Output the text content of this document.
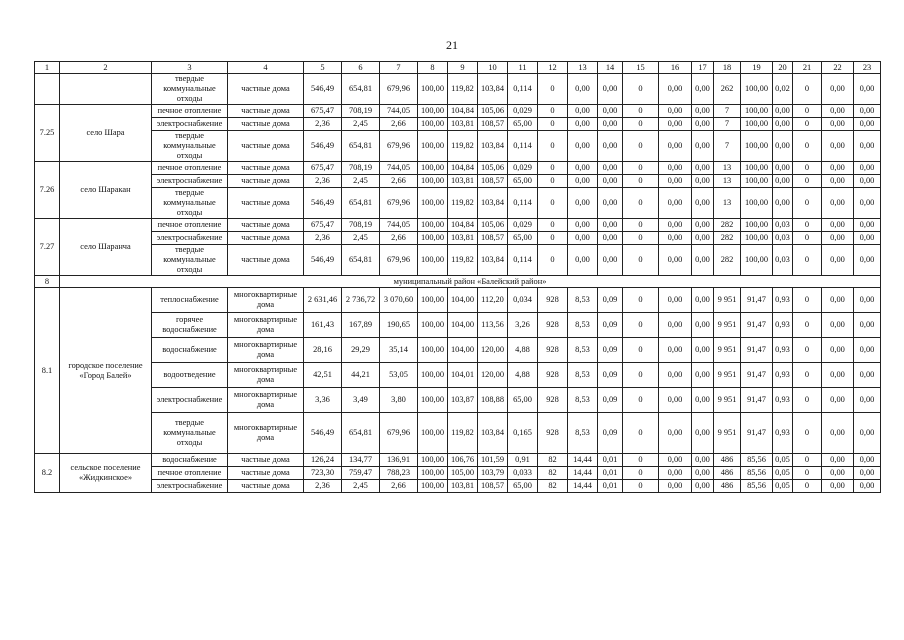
21
1	2	3	4	5	6	7	8	9	10	11	12	13	14	15	16	17	18	19	20	21	22	23
		твердые коммунальные отходы	частные дома	546,49	654,81	679,96	100,00	119,82	103,84	0,114	0	0,00	0,00	0	0,00	0,00	262	100,00	0,02	0	0,00	0,00
7.25	село Шара	печное отопление	частные дома	675,47	708,19	744,05	100,00	104,84	105,06	0,029	0	0,00	0,00	0	0,00	0,00	7	100,00	0,00	0	0,00	0,00
		электроснабжение	частные дома	2,36	2,45	2,66	100,00	103,81	108,57	65,00	0	0,00	0,00	0	0,00	0,00	7	100,00	0,00	0	0,00	0,00
		твердые коммунальные отходы	частные дома	546,49	654,81	679,96	100,00	119,82	103,84	0,114	0	0,00	0,00	0	0,00	0,00	7	100,00	0,00	0	0,00	0,00
7.26	село Шаракан	печное отопление	частные дома	675,47	708,19	744,05	100,00	104,84	105,06	0,029	0	0,00	0,00	0	0,00	0,00	13	100,00	0,00	0	0,00	0,00
		электроснабжение	частные дома	2,36	2,45	2,66	100,00	103,81	108,57	65,00	0	0,00	0,00	0	0,00	0,00	13	100,00	0,00	0	0,00	0,00
		твердые коммунальные отходы	частные дома	546,49	654,81	679,96	100,00	119,82	103,84	0,114	0	0,00	0,00	0	0,00	0,00	13	100,00	0,00	0	0,00	0,00
7.27	село Шаранча	печное отопление	частные дома	675,47	708,19	744,05	100,00	104,84	105,06	0,029	0	0,00	0,00	0	0,00	0,00	282	100,00	0,03	0	0,00	0,00
		электроснабжение	частные дома	2,36	2,45	2,66	100,00	103,81	108,57	65,00	0	0,00	0,00	0	0,00	0,00	282	100,00	0,03	0	0,00	0,00
		твердые коммунальные отходы	частные дома	546,49	654,81	679,96	100,00	119,82	103,84	0,114	0	0,00	0,00	0	0,00	0,00	282	100,00	0,03	0	0,00	0,00
8	муниципальный район «Балейский район»																					
8.1	городское поселение «Город Балей»	теплоснабжение	многоквартирные дома	2 631,46	2 736,72	3 070,60	100,00	104,00	112,20	0,034	928	8,53	0,09	0	0,00	0,00	9 951	91,47	0,93	0	0,00	0,00
		горячее водоснабжение	многоквартирные дома	161,43	167,89	190,65	100,00	104,00	113,56	3,26	928	8,53	0,09	0	0,00	0,00	9 951	91,47	0,93	0	0,00	0,00
		водоснабжение	многоквартирные дома	28,16	29,29	35,14	100,00	104,00	120,00	4,88	928	8,53	0,09	0	0,00	0,00	9 951	91,47	0,93	0	0,00	0,00
		водоотведение	многоквартирные дома	42,51	44,21	53,05	100,00	104,01	120,00	4,88	928	8,53	0,09	0	0,00	0,00	9 951	91,47	0,93	0	0,00	0,00
		электроснабжение	многоквартирные дома	3,36	3,49	3,80	100,00	103,87	108,88	65,00	928	8,53	0,09	0	0,00	0,00	9 951	91,47	0,93	0	0,00	0,00
		твердые коммунальные отходы	многоквартирные дома	546,49	654,81	679,96	100,00	119,82	103,84	0,165	928	8,53	0,09	0	0,00	0,00	9 951	91,47	0,93	0	0,00	0,00
8.2	сельское поселение «Жидкинское»	водоснабжение	частные дома	126,24	134,77	136,91	100,00	106,76	101,59	0,91	82	14,44	0,01	0	0,00	0,00	486	85,56	0,05	0	0,00	0,00
		печное отопление	частные дома	723,30	759,47	788,23	100,00	105,00	103,79	0,033	82	14,44	0,01	0	0,00	0,00	486	85,56	0,05	0	0,00	0,00
		электроснабжение	частные дома	2,36	2,45	2,66	100,00	103,81	108,57	65,00	82	14,44	0,01	0	0,00	0,00	486	85,56	0,05	0	0,00	0,00
